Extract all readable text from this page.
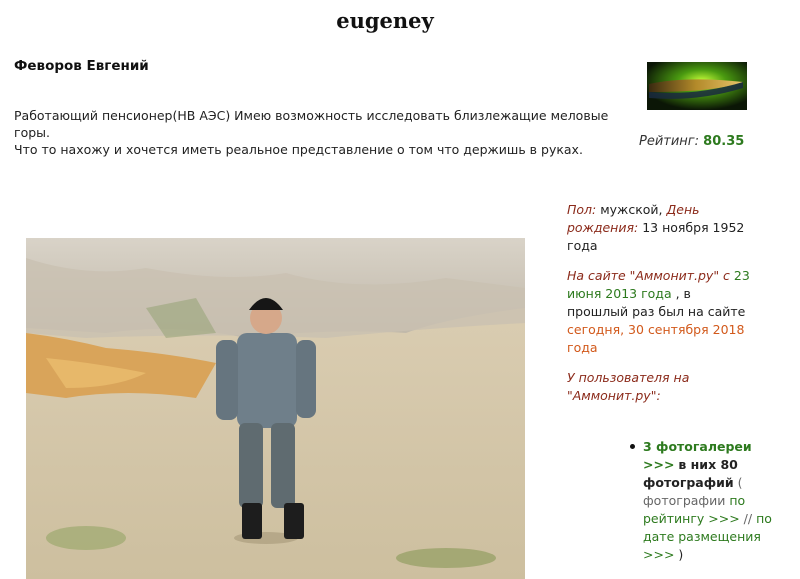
eugeney
Феворов Евгений
Работающий пенсионер(НВ АЭС) Имею возможность исследовать близлежащие меловые горы.
Что то нахожу и хочется иметь реальное представление о том что держишь в руках.
Рейтинг: 80.35

Пол: мужской, День рождения: 13 ноября 1952 года

На сайте "Аммонит.ру" с 23 июня 2013 года , в прошлый раз был на сайте сегодня, 30 сентября 2018 года

У пользователя на "Аммонит.ру":

3 фотогалереи >>> в них 80 фотографий ( фотографии по рейтингу >>> // по дате размещения >>> )
